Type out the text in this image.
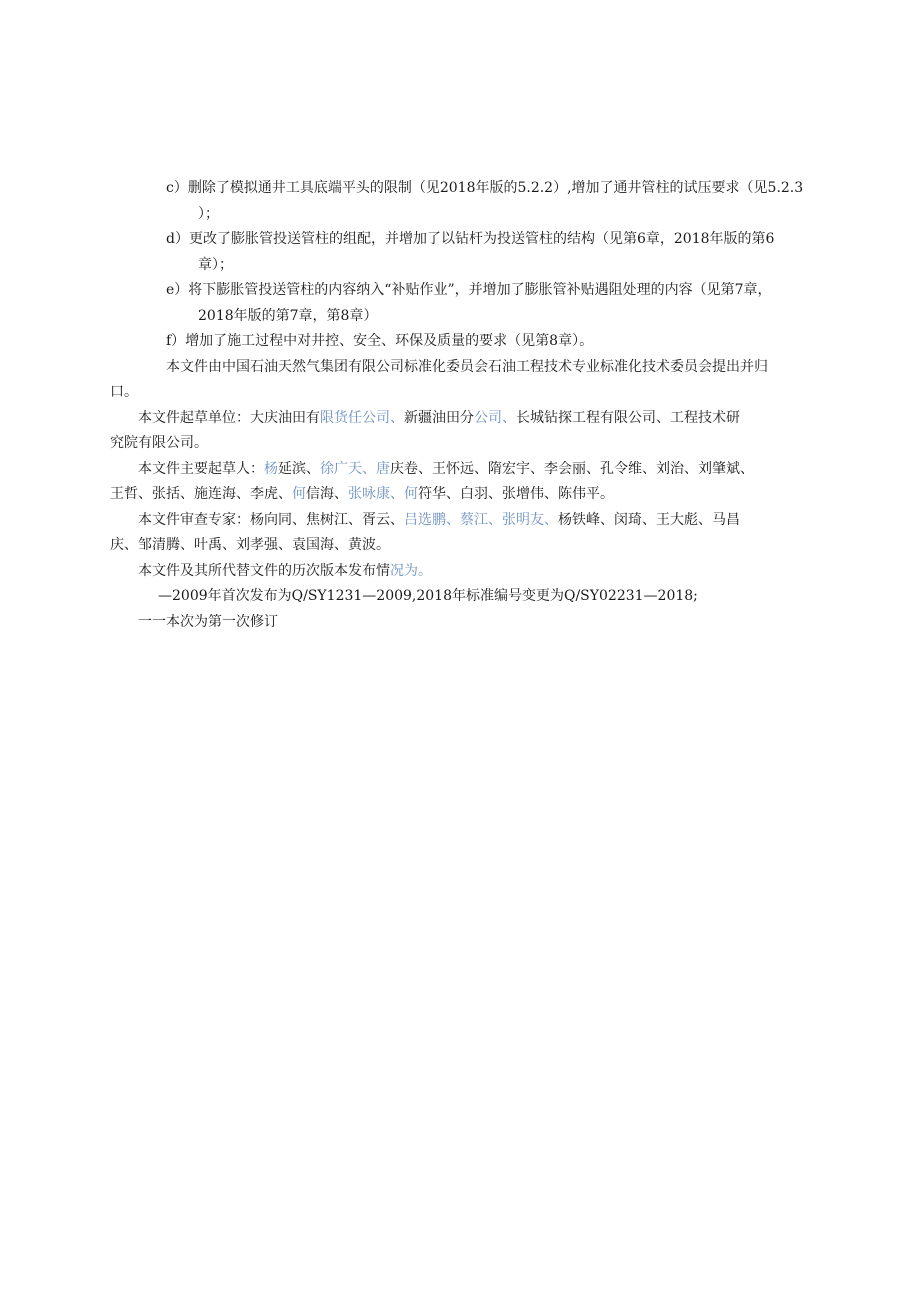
c）删除了模拟通井工具底端平头的限制（见2018年版的5.2.2）,增加了通井管柱的试压要求（见5.2.3
）；
d）更改了膨胀管投送管柱的组配，并增加了以钻杆为投送管柱的结构（见第6章，2018年版的第6
章）；
e）将下膨胀管投送管柱的内容纳入“补贴作业”，并增加了膨胀管补贴遇阻处理的内容（见第7章，
2018年版的第7章，第8章）
f）增加了施工过程中对井控、安全、环保及质量的要求（见第8章）。
本文件由中国石油天然气集团有限公司标准化委员会石油工程技术专业标准化技术委员会提出并归
口。
本文件起草单位：大庆油田有限货任公司、新疆油田分公司、长城钻探工程有限公司、工程技术研
究院有限公司。
本文件主要起草人：杨延滨、徐广天、唐庆卷、王怀远、隋宏宇、李会丽、孔令维、刘治、刘肇斌、
王哲、张括、施连海、李虎、何信海、张咏康、何符华、白羽、张增伟、陈伟平。
本文件审查专家：杨向同、焦树江、胥云、吕选鹏、蔡江、张明友、杨铁峰、闵琦、王大彪、马昌
庆、邹清腾、叶禹、刘孝强、袁国海、黄波。
本文件及其所代替文件的历次版本发布情况为。
—2009年首次发布为Q/SY1231—2009,2018年标准编号变更为Q/SY02231—2018;
一一本次为第一次修订
